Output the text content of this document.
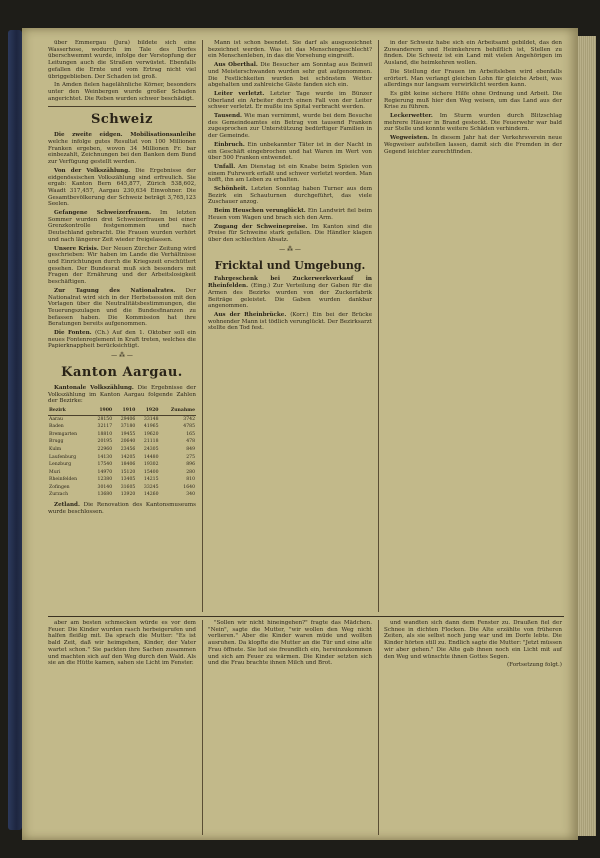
über Emmergau (Jura) bildete sich eine Wasserhose, wodurch im Tale des Dorfes überschwemmt wurde, infolge der Verstopfung der Leitungen auch die Straßen verwüstet. Ebenfalls gefallen die Ernte und vom Ertrag nicht viel übriggeblieben. Der Schaden ist groß.

In Amden fielen hagelähnliche Körner, besonders unter den Weinbergen wurde großer Schaden angerichtet. Die Reben wurden schwer beschädigt.

Schweiz

Die zweite eidgen. Mobilisationsanleihe welche infolge gutes Resultat von 100 Millionen Franken ergeben, wovon 34 Millionen Fr. bar einbezahlt, Zeichnungen bei den Banken dem Bund zur Verfügung gestellt werden.

Von der Volkszählung. Die Ergebnisse der eidgenössischen Volkszählung sind erfreulich. Sie ergab: Kanton Bern 645,877, Zürich 538,602, Waadt 317,457, Aargau 230,634 Einwohner. Die Gesamtbevölkerung der Schweiz beträgt 3,765,123 Seelen.

Gefangene Schweizerfrauen. Im letzten Sommer wurden drei Schweizerfrauen bei einer Grenzkontrolle festgenommen und nach Deutschland gebracht. Die Frauen wurden verhört und nach längerer Zeit wieder freigelassen.

Unsere Krisis. Der Neuen Zürcher Zeitung wird geschrieben: Wir haben im Lande die Verhältnisse und Einrichtungen durch die Kriegszeit erschüttert gesehen. Der Bundesrat muß sich besonders mit Fragen der Ernährung und der Arbeitslosigkeit beschäftigen.

Zur Tagung des Nationalrates. Der Nationalrat wird sich in der Herbstsession mit den Vorlagen über die Neutralitätsbestimmungen, die Teuerungszulagen und die Bundesfinanzen zu befassen haben. Die Kommission hat ihre Beratungen bereits aufgenommen.

Die Fonten. (Ch.) Auf den 1. Oktober soll ein neues Fontenreglement in Kraft treten, welches die Papierknappheit berücksichtigt.

— ⁂ —
Kanton Aargau.

Kantonale Volkszählung. Die Ergebnisse der Volkszählung im Kanton Aargau folgende Zahlen der Bezirke:

Bezirk	1900	1910	1920	Zunahme
Aarau	28150	29406	33148	3742
Baden	32117	37180	41965	4785
Bremgarten	18810	19455	19620	165
Brugg	20195	20640	21118	478
Kulm	22960	23456	24305	849
Laufenburg	14130	14205	14480	275
Lenzburg	17540	18406	19302	896
Muri	14970	15120	15400	280
Rheinfelden	12380	13405	14215	810
Zofingen	30140	31605	33245	1640
Zurzach	13680	13920	14260	340

Zetland. Die Renovation des Kantonsmuseums wurde beschlossen.

Mann ist schon beendet. Sie darf als ausgezeichnet bezeichnet werden. Was ist das Menschengeschlecht? ein Menschenleben, in das die Vorsehung eingreift.

Aus Oberthal. Die Besucher am Sonntag aus Beinwil und Meisterschwanden wurden sehr gut aufgenommen. Die Festlichkeiten wurden bei schönstem Wetter abgehalten und zahlreiche Gäste fanden sich ein.

Leiter verletzt. Letzter Tage wurde im Bünzer Oberland ein Arbeiter durch einen Fall von der Leiter schwer verletzt. Er mußte ins Spital verbracht werden.

Tausend. Wie man vernimmt, wurde bei dem Besuche des Gemeindeamtes ein Betrag von tausend Franken zugesprochen zur Unterstützung bedürftiger Familien in der Gemeinde.

Einbruch. Ein unbekannter Täter ist in der Nacht in ein Geschäft eingebrochen und hat Waren im Wert von über 500 Franken entwendet.

Unfall. Am Dienstag ist ein Knabe beim Spielen von einem Fuhrwerk erfaßt und schwer verletzt worden. Man hofft, ihn am Leben zu erhalten.

Schönheit. Letzten Sonntag haben Turner aus dem Bezirk ein Schauturnen durchgeführt, das viele Zuschauer anzog.

Beim Heuschen verunglückt. Ein Landwirt fiel beim Heuen vom Wagen und brach sich den Arm.

Zugang der Schweinepreise. Im Kanton sind die Preise für Schweine stark gefallen. Die Händler klagen über den schlechten Absatz.

— ⁂ —
Fricktal und Umgebung.

Fahrgeschenk bei Zuckerwerkverkauf in Rheinfelden. (Eing.) Zur Verteilung der Gaben für die Armen des Bezirks wurden von der Zuckerfabrik Beiträge geleistet. Die Gaben wurden dankbar angenommen.

Aus der Rheinbrücke. (Korr.) Ein bei der Brücke wohnender Mann ist tödlich verunglückt. Der Bezirksarzt stellte den Tod fest.

in der Schweiz habe sich ein Arbeitsamt gebildet, das den Zuwanderern und Heimkehrern behilflich ist, Stellen zu finden. Die Schweiz ist ein Land mit vielen Angehörigen im Ausland, die heimkehren wollen.

Die Stellung der Frauen im Arbeitsleben wird ebenfalls erörtert. Man verlangt gleichen Lohn für gleiche Arbeit, was allerdings nur langsam verwirklicht werden kann.

Es gibt keine sichere Hilfe ohne Ordnung und Arbeit. Die Regierung muß hier den Weg weisen, um das Land aus der Krise zu führen.

Leckerwetter. Im Sturm wurden durch Blitzschlag mehrere Häuser in Brand gesteckt. Die Feuerwehr war bald zur Stelle und konnte weitere Schäden verhindern.

Wegweisten. In diesem Jahr hat der Verkehrsverein neue Wegweiser aufstellen lassen, damit sich die Fremden in der Gegend leichter zurechtfinden.

aber am besten schmecken würde es vor dem Feuer. Die Kinder wurden rasch herbeigerufen und halfen fleißig mit. Da sprach die Mutter: "Es ist bald Zeit, daß wir heimgehen, Kinder, der Vater wartet schon." Sie packten ihre Sachen zusammen und machten sich auf den Weg durch den Wald. Als sie an die Hütte kamen, sahen sie Licht im Fenster.

"Sollen wir nicht hineingehen?" fragte das Mädchen. "Nein", sagte die Mutter, "wir wollen den Weg nicht verlieren." Aber die Kinder waren müde und wollten ausruhen. Da klopfte die Mutter an die Tür und eine alte Frau öffnete. Sie lud sie freundlich ein, hereinzukommen und sich am Feuer zu wärmen. Die Kinder setzten sich und die Frau brachte ihnen Milch und Brot.

und wandten sich dann dem Fenster zu. Draußen fiel der Schnee in dichten Flocken. Die Alte erzählte von früheren Zeiten, als sie selbst noch jung war und im Dorfe lebte. Die Kinder hörten still zu. Endlich sagte die Mutter: "Jetzt müssen wir aber gehen." Die Alte gab ihnen noch ein Licht mit auf den Weg und wünschte ihnen Gottes Segen.

(Fortsetzung folgt.)
